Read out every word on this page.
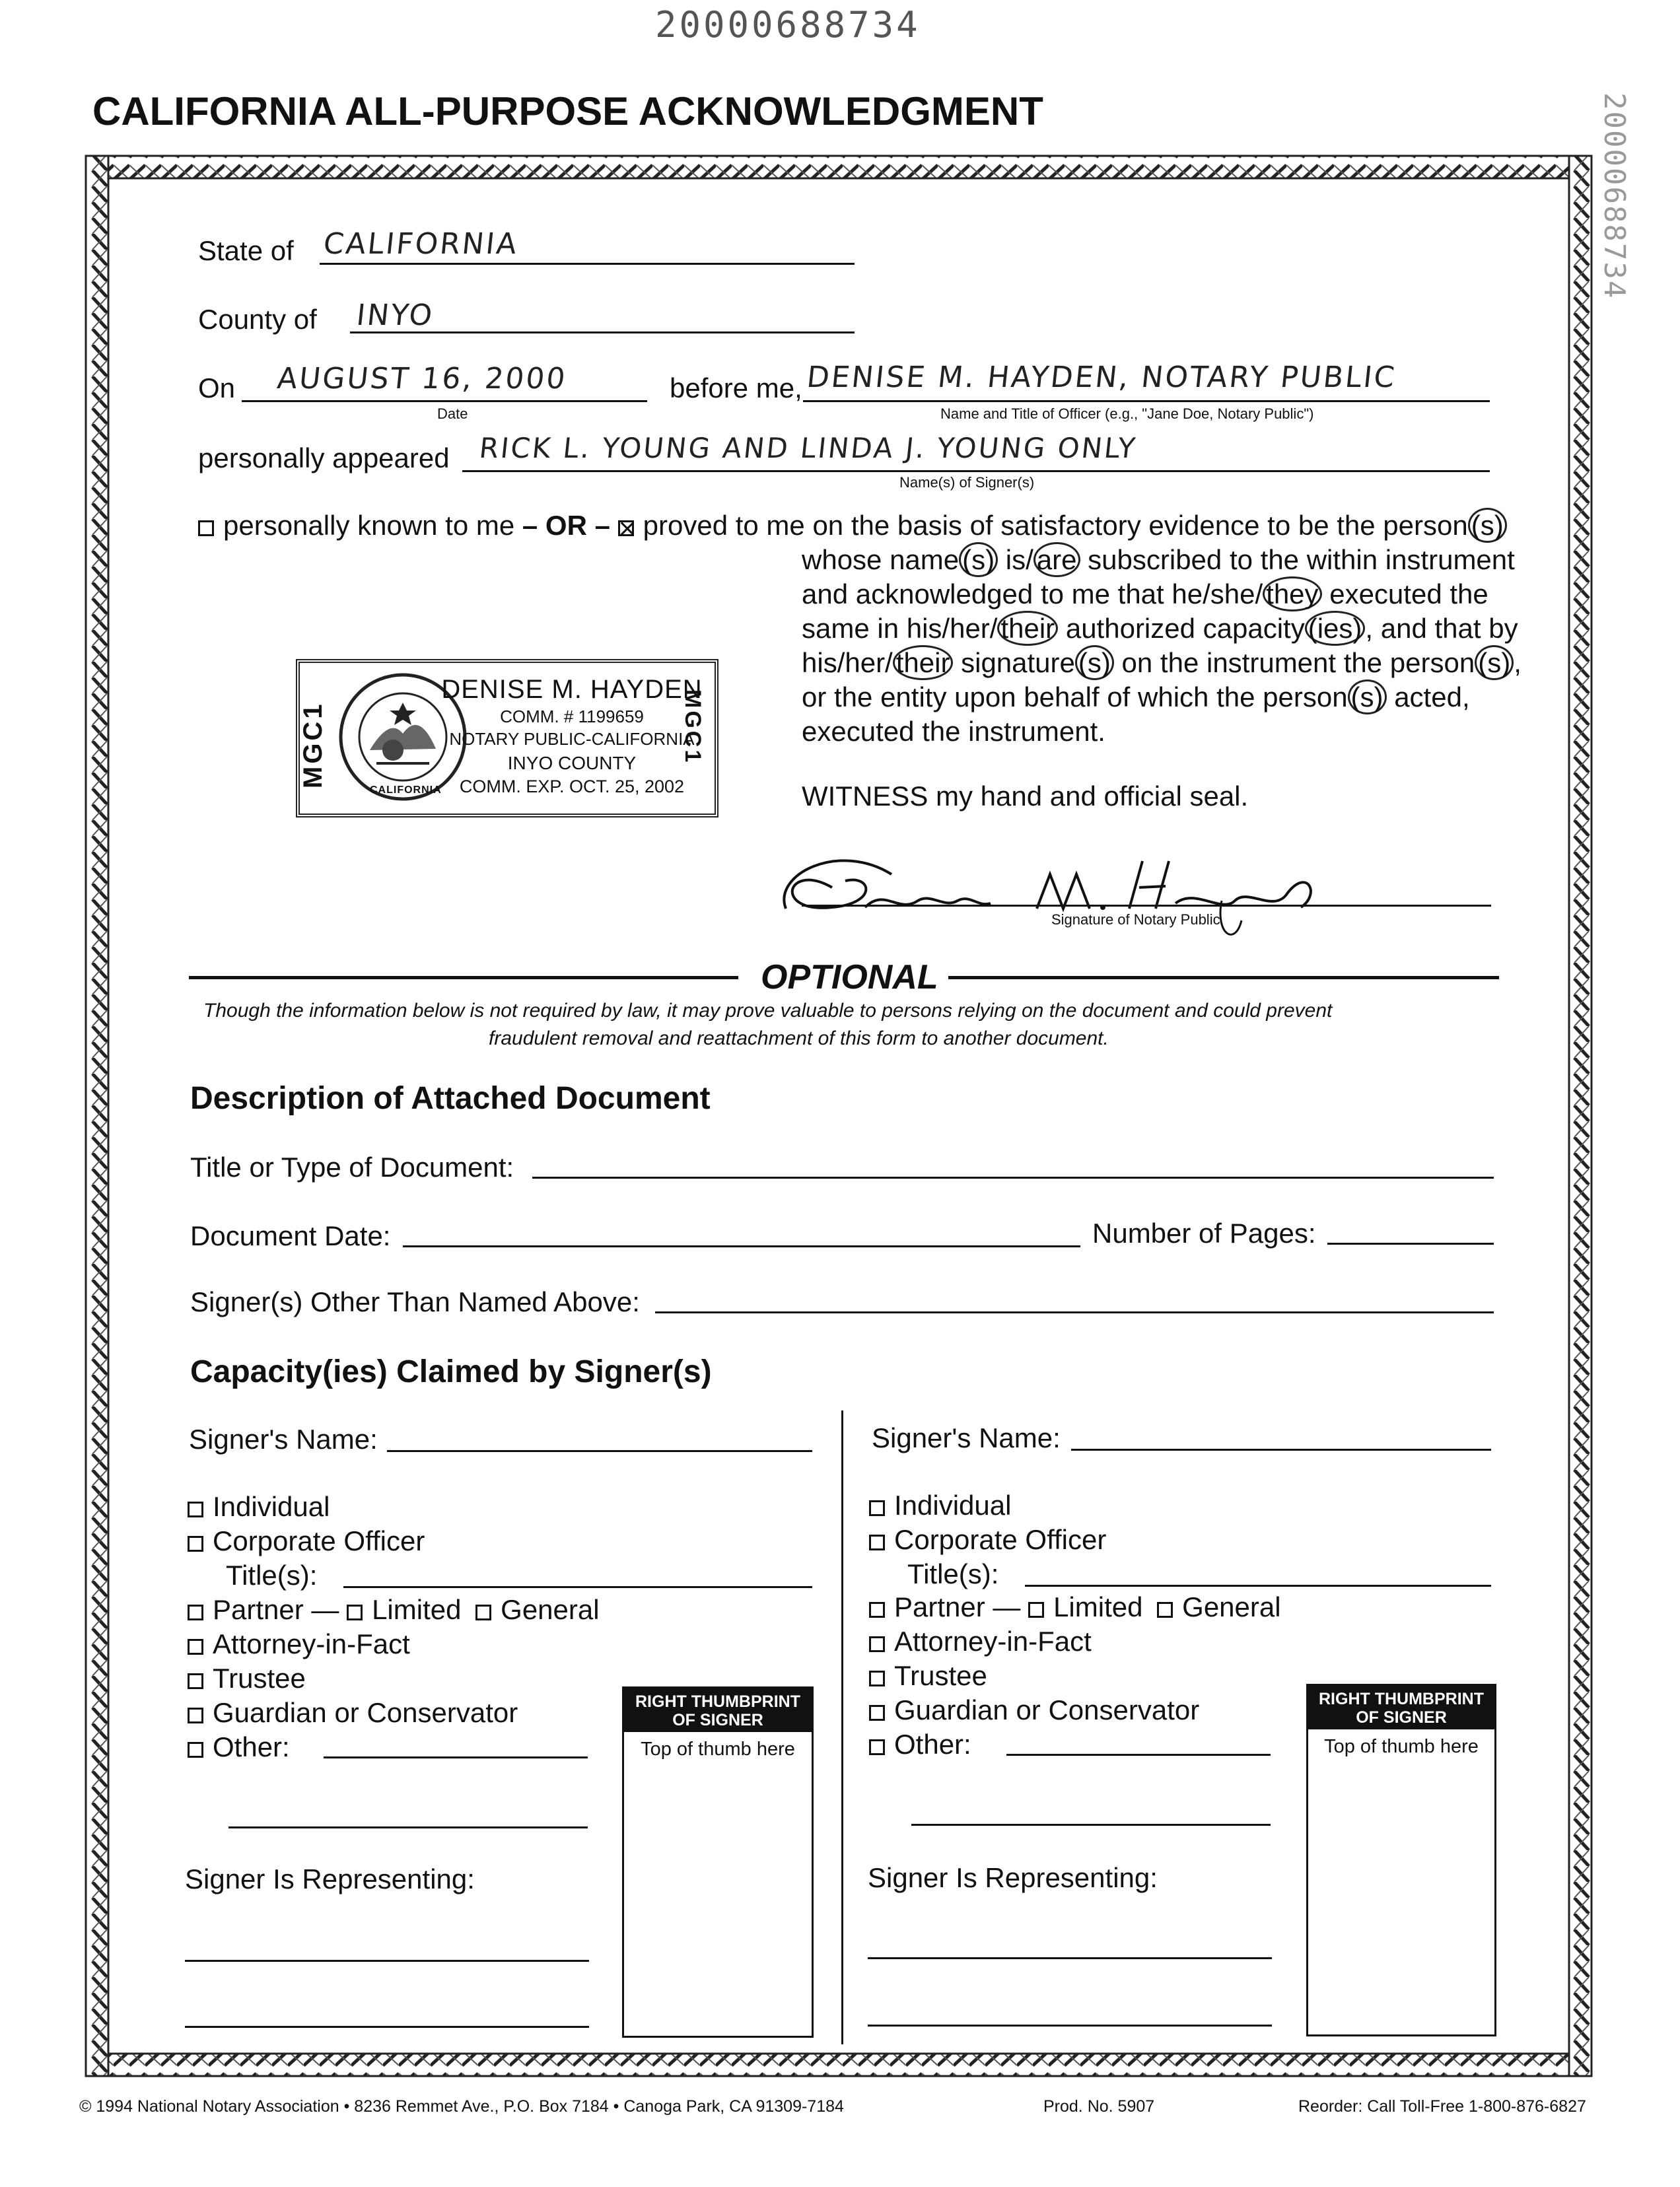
20000688734
20000688734
CALIFORNIA ALL-PURPOSE ACKNOWLEDGMENT
State of CALIFORNIA
County of INYO
On AUGUST 16, 2000
Date
before me, DENISE M. HAYDEN, NOTARY PUBLIC
Name and Title of Officer (e.g., "Jane Doe, Notary Public")
personally appeared RICK L. YOUNG AND LINDA J. YOUNG ONLY
Name(s) of Signer(s)
personally known to me – OR – proved to me on the basis of satisfactory evidence to be the person (s)
whose name (s) is/ are subscribed to the within instrument
and acknowledged to me that he/she/ they executed the
same in his/her/ their authorized capacity (ies) , and that by
his/her/ their signature (s) on the instrument the person (s) ,
or the entity upon behalf of which the person (s) acted,
executed the instrument.
WITNESS my hand and official seal.
MGC1	MGC1
CALIFORNIA
DENISE M. HAYDEN
COMM. # 1199659
NOTARY PUBLIC-CALIFORNIA
INYO COUNTY
COMM. EXP. OCT. 25, 2002
Signature of Notary Public
OPTIONAL
Though the information below is not required by law, it may prove valuable to persons relying on the document and could prevent
fraudulent removal and reattachment of this form to another document.
Description of Attached Document
Title or Type of Document:
Document Date:	Number of Pages:
Signer(s) Other Than Named Above:
Capacity(ies) Claimed by Signer(s)
Signer's Name:
Individual
Corporate Officer
Title(s):
Partner — Limited General
Attorney-in-Fact
Trustee
Guardian or Conservator
Other:
RIGHT THUMBPRINT OF SIGNER
Top of thumb here
Signer Is Representing:
Signer's Name:
Individual
Corporate Officer
Title(s):
Partner — Limited General
Attorney-in-Fact
Trustee
Guardian or Conservator
Other:
RIGHT THUMBPRINT OF SIGNER
Top of thumb here
Signer Is Representing:
© 1994 National Notary Association • 8236 Remmet Ave., P.O. Box 7184 • Canoga Park, CA 91309-7184	Prod. No. 5907	Reorder: Call Toll-Free 1-800-876-6827
